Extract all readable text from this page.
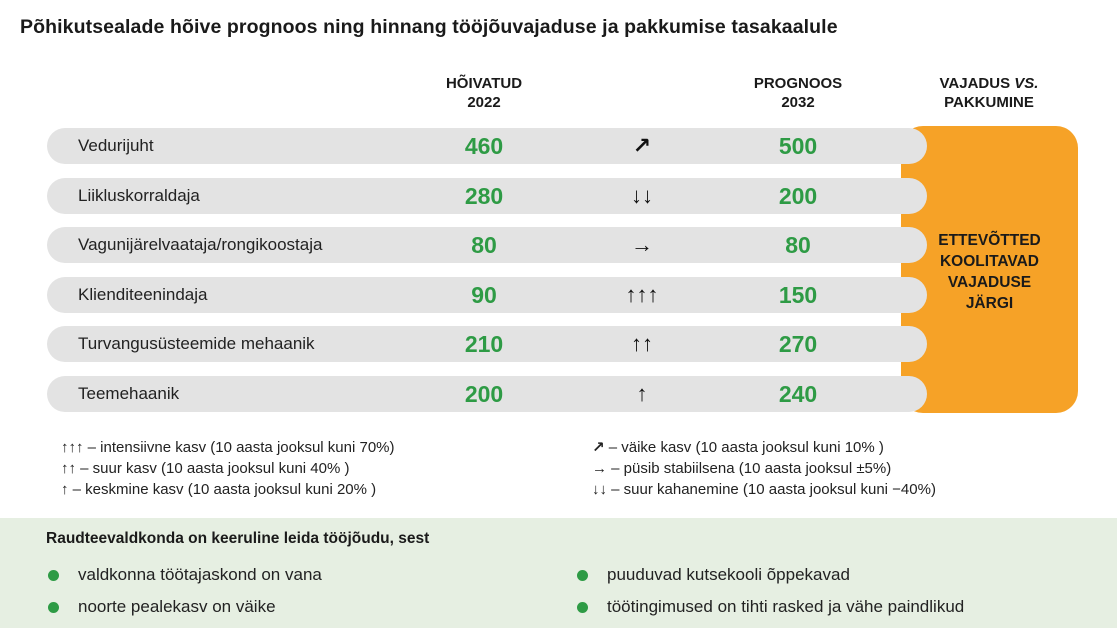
Põhikutsealade hõive prognoos ning hinnang tööjõuvajaduse ja pakkumise tasakaalule
HÕIVATUD
2022
PROGNOOS
2032
VAJADUS VS.
PAKKUMINE
ETTEVÕTTED
KOOLITAVAD
VAJADUSE
JÄRGI
Vedurijuht	460	↗	500
Liikluskorraldaja	280	↓↓	200
Vagunijärelvaataja/rongikoostaja	80	→	80
Klienditeenindaja	90	↑↑↑	150
Turvangusüsteemide mehaanik	210	↑↑	270
Teemehaanik	200	↑	240
↑↑↑ – intensiivne kasv (10 aasta jooksul kuni 70%)
↑↑ – suur kasv (10 aasta jooksul kuni 40% )
↑ – keskmine kasv (10 aasta jooksul kuni 20% )
↗ – väike kasv (10 aasta jooksul kuni 10% )
→ – püsib stabiilsena (10 aasta jooksul ±5%)
↓↓ – suur kahanemine (10 aasta jooksul kuni −40%)
Raudteevaldkonda on keeruline leida tööjõudu, sest
valdkonna töötajaskond on vana
noorte pealekasv on väike
puuduvad kutsekooli õppekavad
töötingimused on tihti rasked ja vähe paindlikud
